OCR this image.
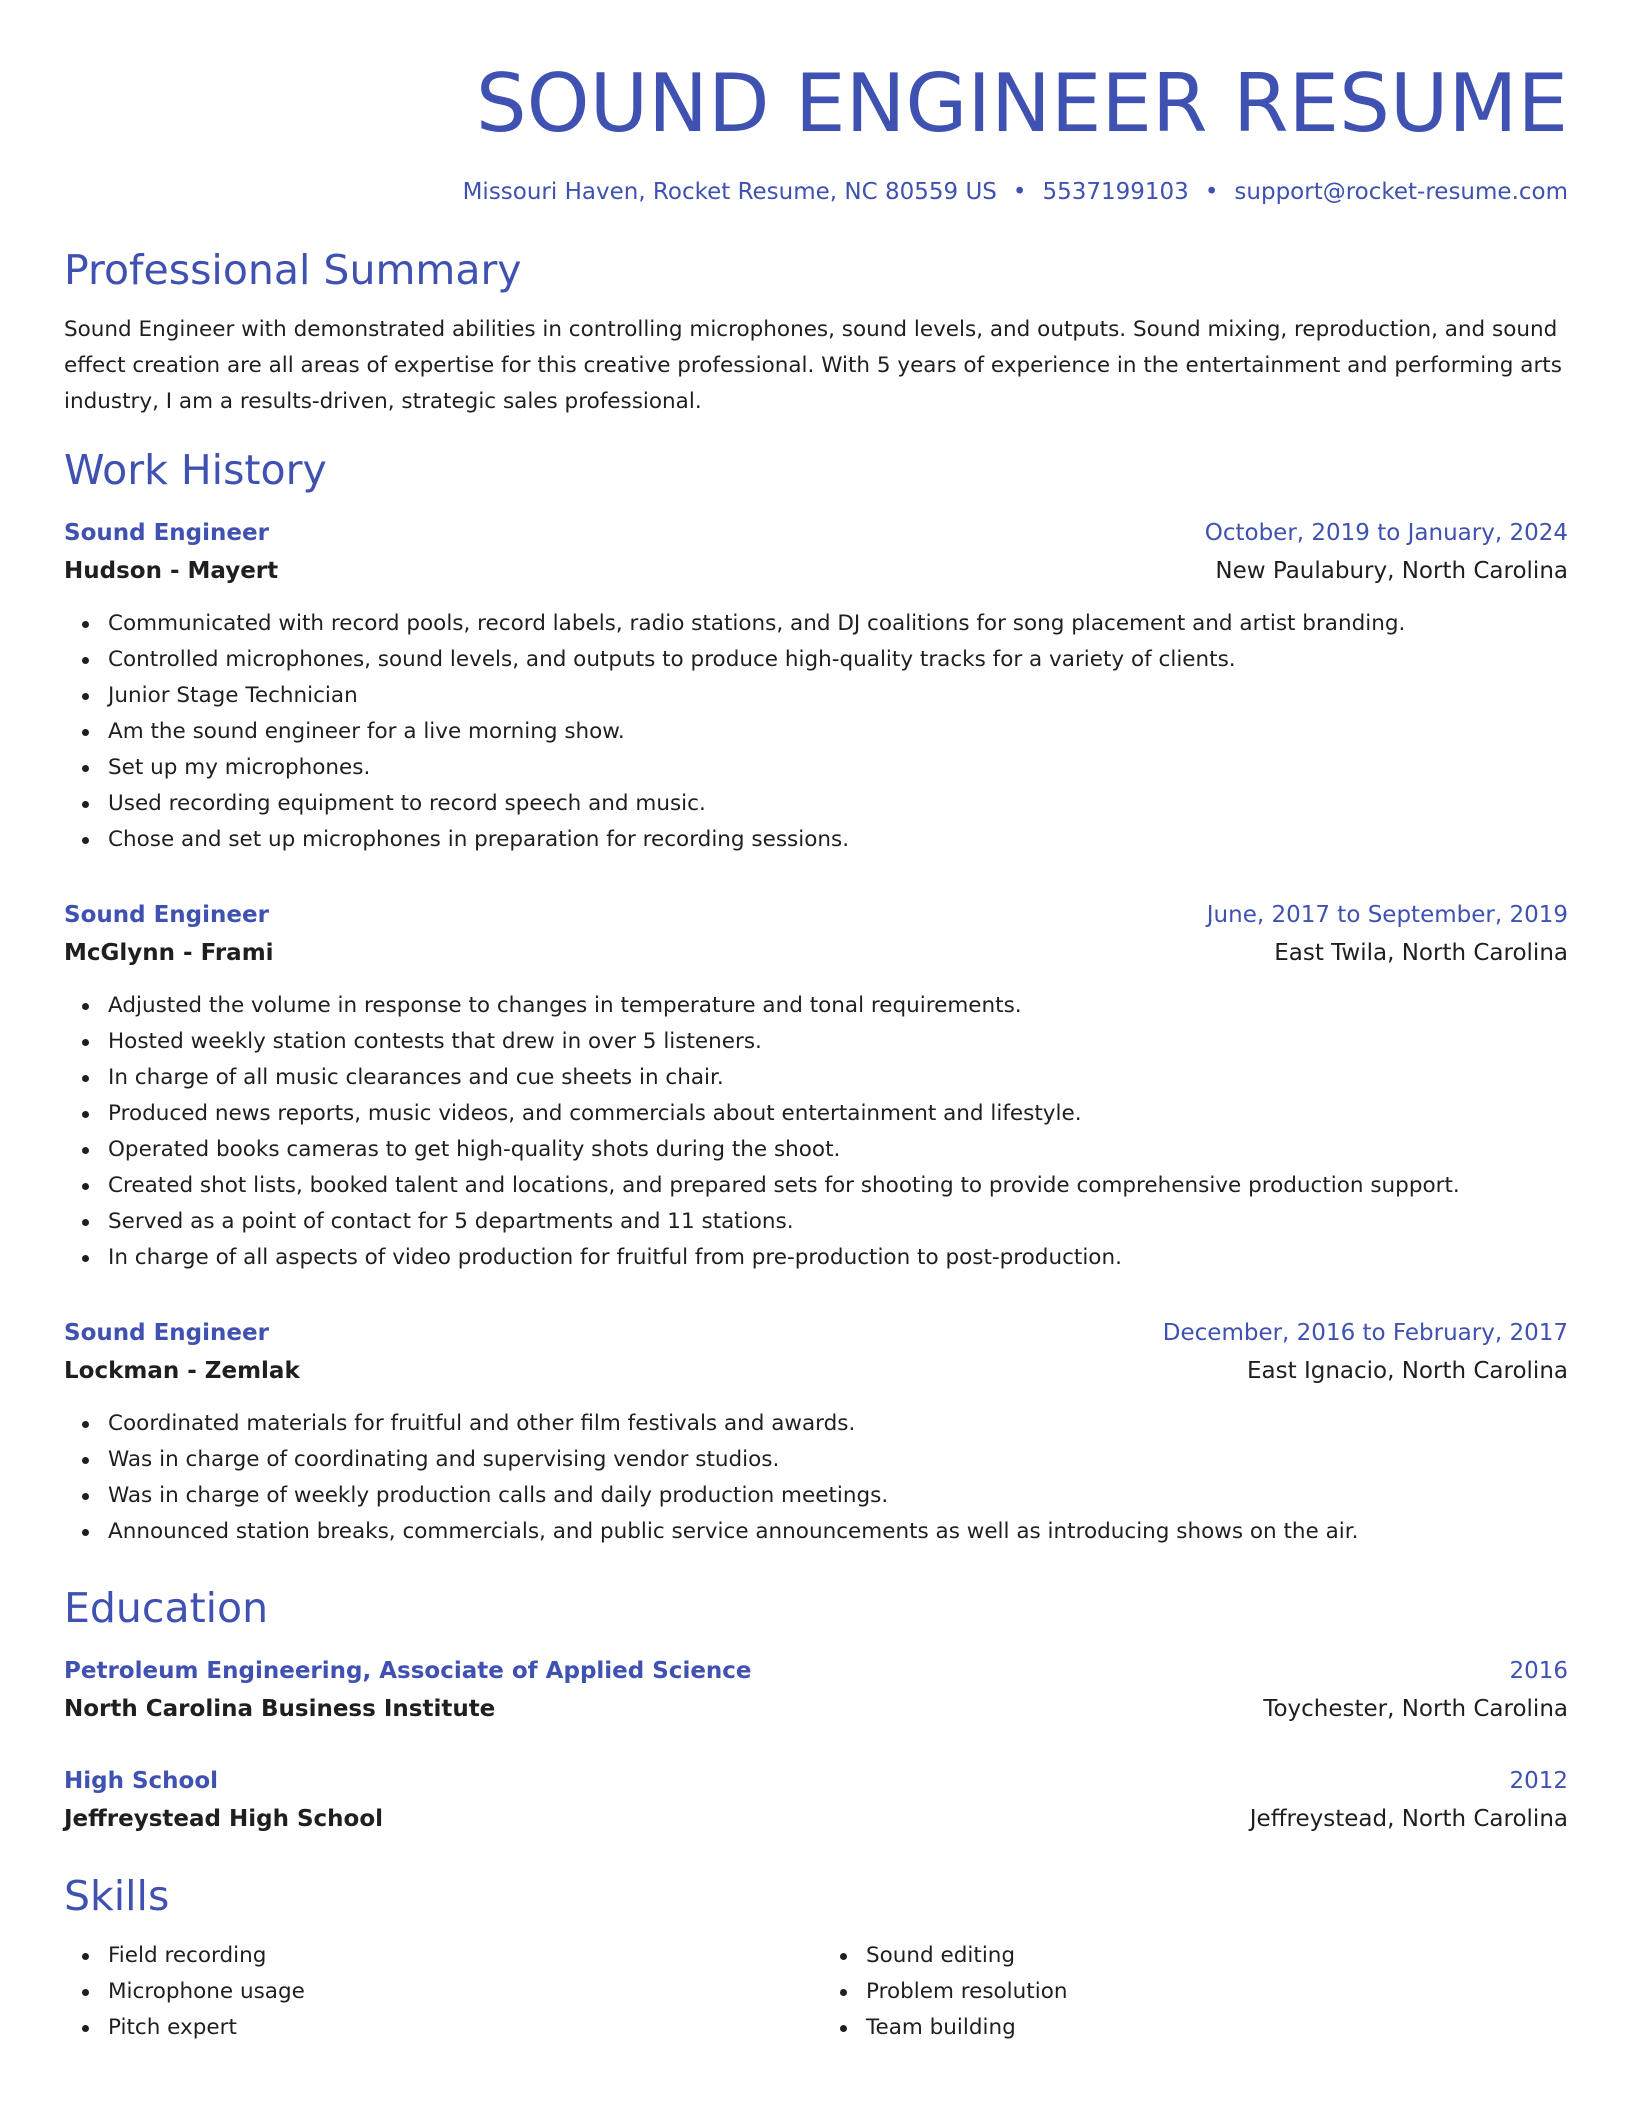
SOUND ENGINEER RESUME
Missouri Haven, Rocket Resume, NC 80559 US • 5537199103 • support@rocket-resume.com
Professional Summary
Sound Engineer with demonstrated abilities in controlling microphones, sound levels, and outputs. Sound mixing, reproduction, and sound effect creation are all areas of expertise for this creative professional. With 5 years of experience in the entertainment and performing arts industry, I am a results-driven, strategic sales professional.
Work History
Sound Engineer	October, 2019 to January, 2024
Hudson - Mayert	New Paulabury, North Carolina
Communicated with record pools, record labels, radio stations, and DJ coalitions for song placement and artist branding.
Controlled microphones, sound levels, and outputs to produce high-quality tracks for a variety of clients.
Junior Stage Technician
Am the sound engineer for a live morning show.
Set up my microphones.
Used recording equipment to record speech and music.
Chose and set up microphones in preparation for recording sessions.
Sound Engineer	June, 2017 to September, 2019
McGlynn - Frami	East Twila, North Carolina
Adjusted the volume in response to changes in temperature and tonal requirements.
Hosted weekly station contests that drew in over 5 listeners.
In charge of all music clearances and cue sheets in chair.
Produced news reports, music videos, and commercials about entertainment and lifestyle.
Operated books cameras to get high-quality shots during the shoot.
Created shot lists, booked talent and locations, and prepared sets for shooting to provide comprehensive production support.
Served as a point of contact for 5 departments and 11 stations.
In charge of all aspects of video production for fruitful from pre-production to post-production.
Sound Engineer	December, 2016 to February, 2017
Lockman - Zemlak	East Ignacio, North Carolina
Coordinated materials for fruitful and other film festivals and awards.
Was in charge of coordinating and supervising vendor studios.
Was in charge of weekly production calls and daily production meetings.
Announced station breaks, commercials, and public service announcements as well as introducing shows on the air.
Education
Petroleum Engineering, Associate of Applied Science	2016
North Carolina Business Institute	Toychester, North Carolina
High School	2012
Jeffreystead High School	Jeffreystead, North Carolina
Skills
Field recording
Microphone usage
Pitch expert
Sound editing
Problem resolution
Team building
